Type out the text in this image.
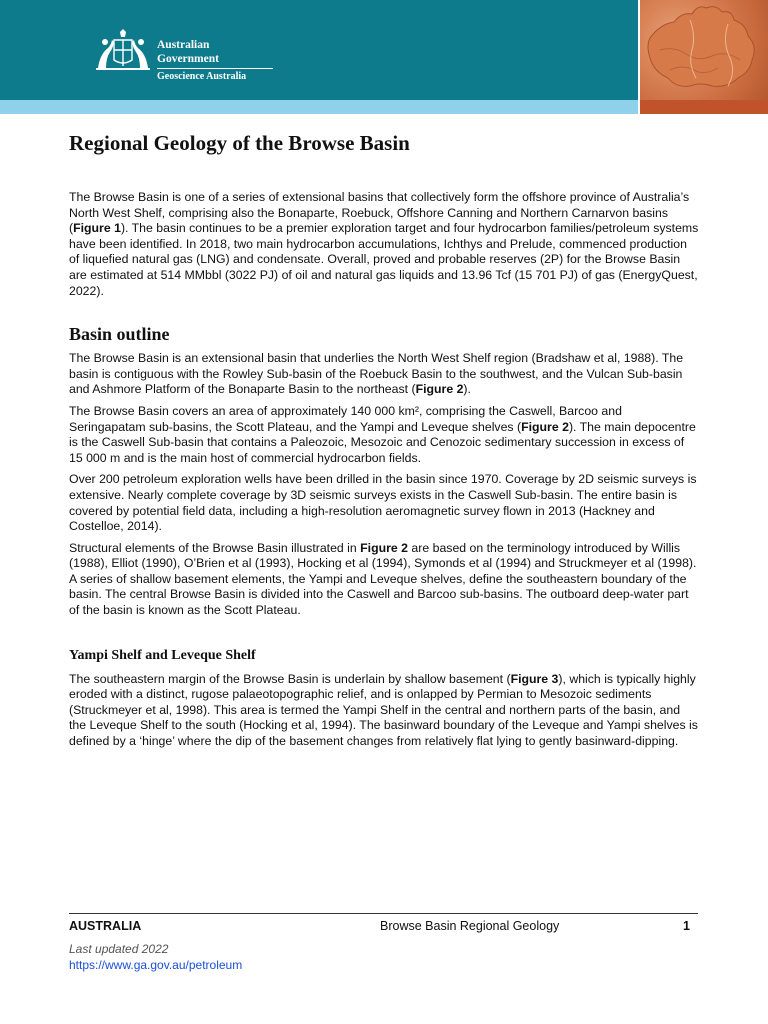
Australian Government
Geoscience Australia
Regional Geology of the Browse Basin

The Browse Basin is one of a series of extensional basins that collectively form the offshore province of Australia’s North West Shelf, comprising also the Bonaparte, Roebuck, Offshore Canning and Northern Carnarvon basins (Figure 1). The basin continues to be a premier exploration target and four hydrocarbon families/petroleum systems have been identified. In 2018, two main hydrocarbon accumulations, Ichthys and Prelude, commenced production of liquefied natural gas (LNG) and condensate. Overall, proved and probable reserves (2P) for the Browse Basin are estimated at 514 MMbbl (3022 PJ) of oil and natural gas liquids and 13.96 Tcf (15 701 PJ) of gas (EnergyQuest, 2022).

Basin outline

The Browse Basin is an extensional basin that underlies the North West Shelf region (Bradshaw et al, 1988). The basin is contiguous with the Rowley Sub-basin of the Roebuck Basin to the southwest, and the Vulcan Sub-basin and Ashmore Platform of the Bonaparte Basin to the northeast (Figure 2).

The Browse Basin covers an area of approximately 140 000 km², comprising the Caswell, Barcoo and Seringapatam sub-basins, the Scott Plateau, and the Yampi and Leveque shelves (Figure 2). The main depocentre is the Caswell Sub-basin that contains a Paleozoic, Mesozoic and Cenozoic sedimentary succession in excess of 15 000 m and is the main host of commercial hydrocarbon fields.

Over 200 petroleum exploration wells have been drilled in the basin since 1970. Coverage by 2D seismic surveys is extensive. Nearly complete coverage by 3D seismic surveys exists in the Caswell Sub-basin. The entire basin is covered by potential field data, including a high-resolution aeromagnetic survey flown in 2013 (Hackney and Costelloe, 2014).

Structural elements of the Browse Basin illustrated in Figure 2 are based on the terminology introduced by Willis (1988), Elliot (1990), O’Brien et al (1993), Hocking et al (1994), Symonds et al (1994) and Struckmeyer et al (1998). A series of shallow basement elements, the Yampi and Leveque shelves, define the southeastern boundary of the basin. The central Browse Basin is divided into the Caswell and Barcoo sub-basins. The outboard deep-water part of the basin is known as the Scott Plateau.

Yampi Shelf and Leveque Shelf

The southeastern margin of the Browse Basin is underlain by shallow basement (Figure 3), which is typically highly eroded with a distinct, rugose palaeotopographic relief, and is onlapped by Permian to Mesozoic sediments (Struckmeyer et al, 1998). This area is termed the Yampi Shelf in the central and northern parts of the basin, and the Leveque Shelf to the south (Hocking et al, 1994). The basinward boundary of the Leveque and Yampi shelves is defined by a ‘hinge’ where the dip of the basement changes from relatively flat lying to gently basinward-dipping.

AUSTRALIA	Browse Basin Regional Geology	1
Last updated 2022
https://www.ga.gov.au/petroleum
